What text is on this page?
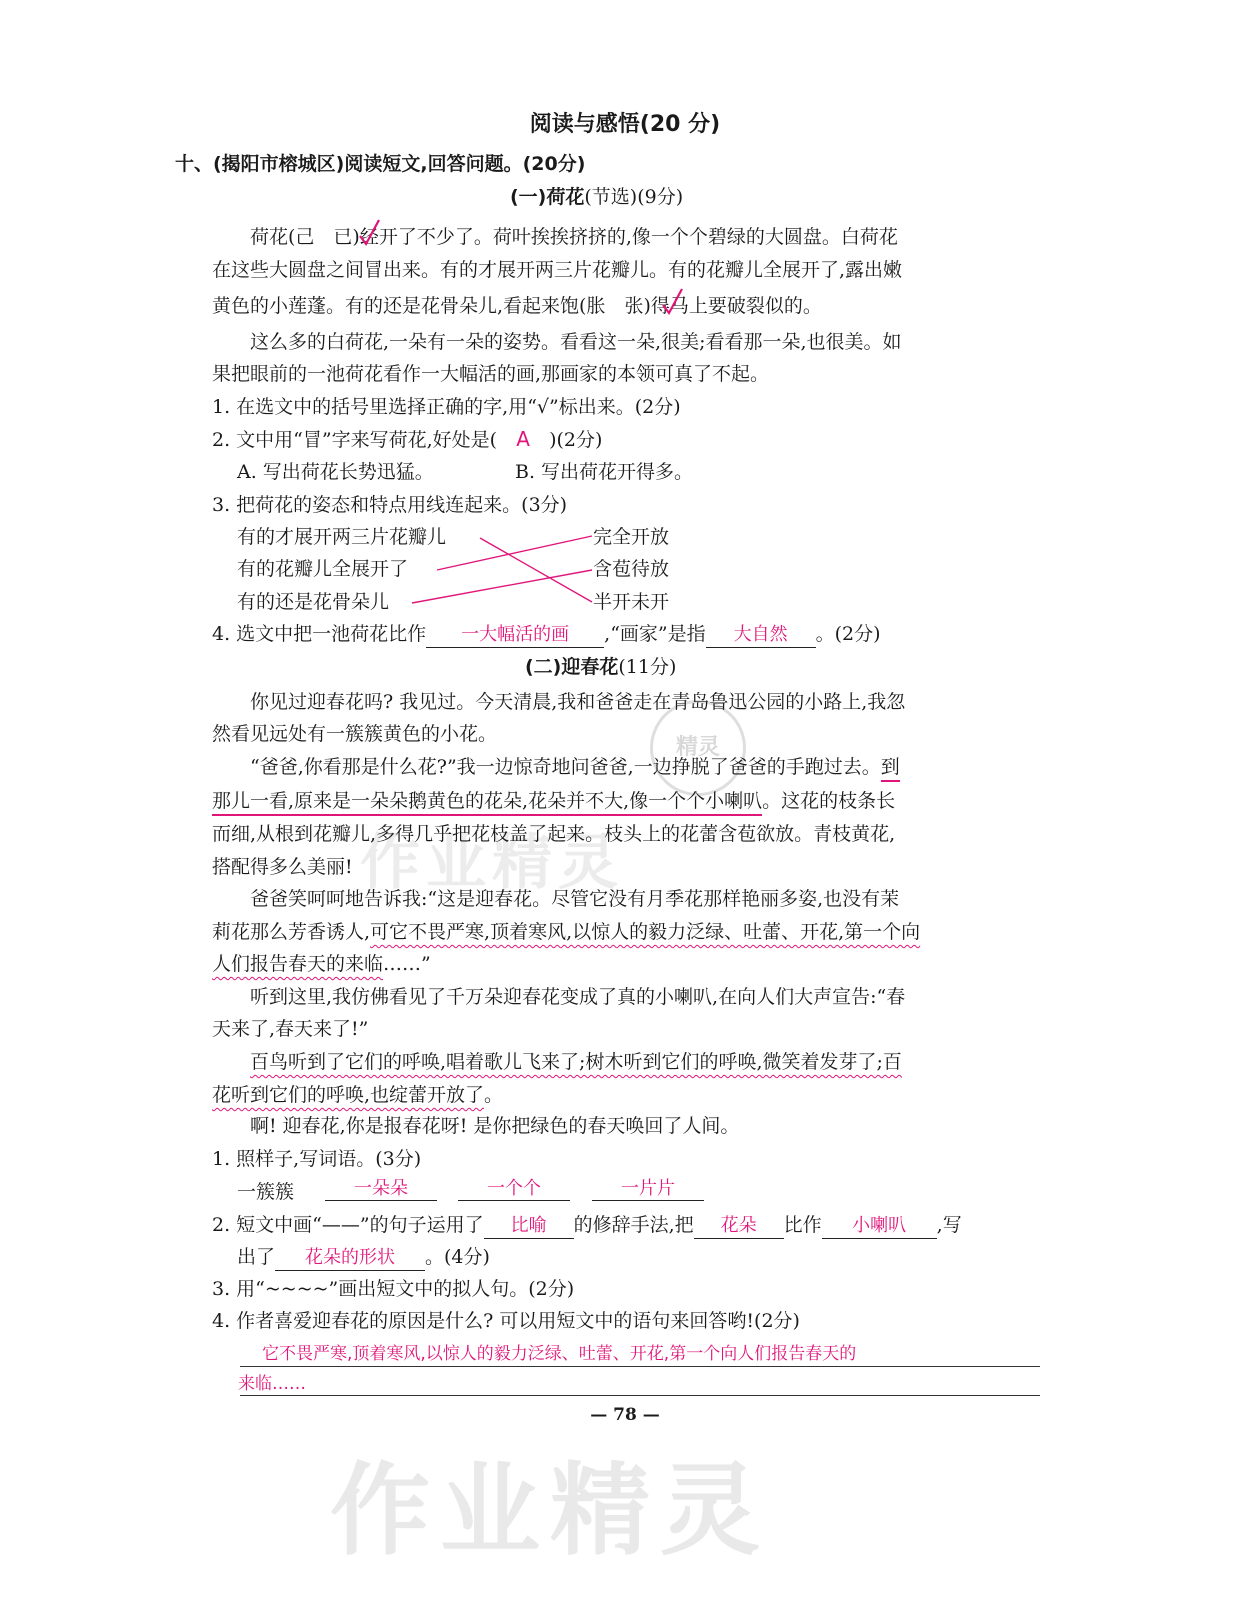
作业精灵
作业精灵
精灵
阅读与感悟(20 分)
十、(揭阳市榕城区)阅读短文,回答问题。(20分)
(一)荷花(节选)(9分)
荷花(己　已)经开了不少了。荷叶挨挨挤挤的,像一个个碧绿的大圆盘。白荷花
在这些大圆盘之间冒出来。有的才展开两三片花瓣儿。有的花瓣儿全展开了,露出嫩
黄色的小莲蓬。有的还是花骨朵儿,看起来饱(胀　张)得马上要破裂似的。
这么多的白荷花,一朵有一朵的姿势。看看这一朵,很美;看看那一朵,也很美。如
果把眼前的一池荷花看作一大幅活的画,那画家的本领可真了不起。
1. 在选文中的括号里选择正确的字,用“√”标出来。(2分)
2. 文中用“冒”字来写荷花,好处是( A )(2分)
A. 写出荷花长势迅猛。	B. 写出荷花开得多。
3. 把荷花的姿态和特点用线连起来。(3分)
有的才展开两三片花瓣儿
有的花瓣儿全展开了
有的还是花骨朵儿
完全开放
含苞待放
半开未开
4. 选文中把一池荷花比作 一大幅活的画 ,“画家”是指 大自然 。(2分)
(二)迎春花(11分)
你见过迎春花吗? 我见过。今天清晨,我和爸爸走在青岛鲁迅公园的小路上,我忽
然看见远处有一簇簇黄色的小花。
“爸爸,你看那是什么花?”我一边惊奇地问爸爸,一边挣脱了爸爸的手跑过去。到
那儿一看,原来是一朵朵鹅黄色的花朵,花朵并不大,像一个个小喇叭。这花的枝条长
而细,从根到花瓣儿,多得几乎把花枝盖了起来。枝头上的花蕾含苞欲放。青枝黄花,
搭配得多么美丽!
爸爸笑呵呵地告诉我:“这是迎春花。尽管它没有月季花那样艳丽多姿,也没有茉
莉花那么芳香诱人,可它不畏严寒,顶着寒风,以惊人的毅力泛绿、吐蕾、开花,第一个向
人们报告春天的来临……”
听到这里,我仿佛看见了千万朵迎春花变成了真的小喇叭,在向人们大声宣告:“春
天来了,春天来了!”
百鸟听到了它们的呼唤,唱着歌儿飞来了;树木听到它们的呼唤,微笑着发芽了;百
花听到它们的呼唤,也绽蕾开放了。
啊! 迎春花,你是报春花呀! 是你把绿色的春天唤回了人间。
1. 照样子,写词语。(3分)
一簇簇	一朵朵	一个个	一片片
2. 短文中画“——”的句子运用了 比喻 的修辞手法,把 花朵 比作 小喇叭 ,写
出了 花朵的形状 。(4分)
3. 用“~~~~”画出短文中的拟人句。(2分)
4. 作者喜爱迎春花的原因是什么? 可以用短文中的语句来回答哟!(2分)
它不畏严寒,顶着寒风,以惊人的毅力泛绿、吐蕾、开花,第一个向人们报告春天的
来临……
— 78 —
